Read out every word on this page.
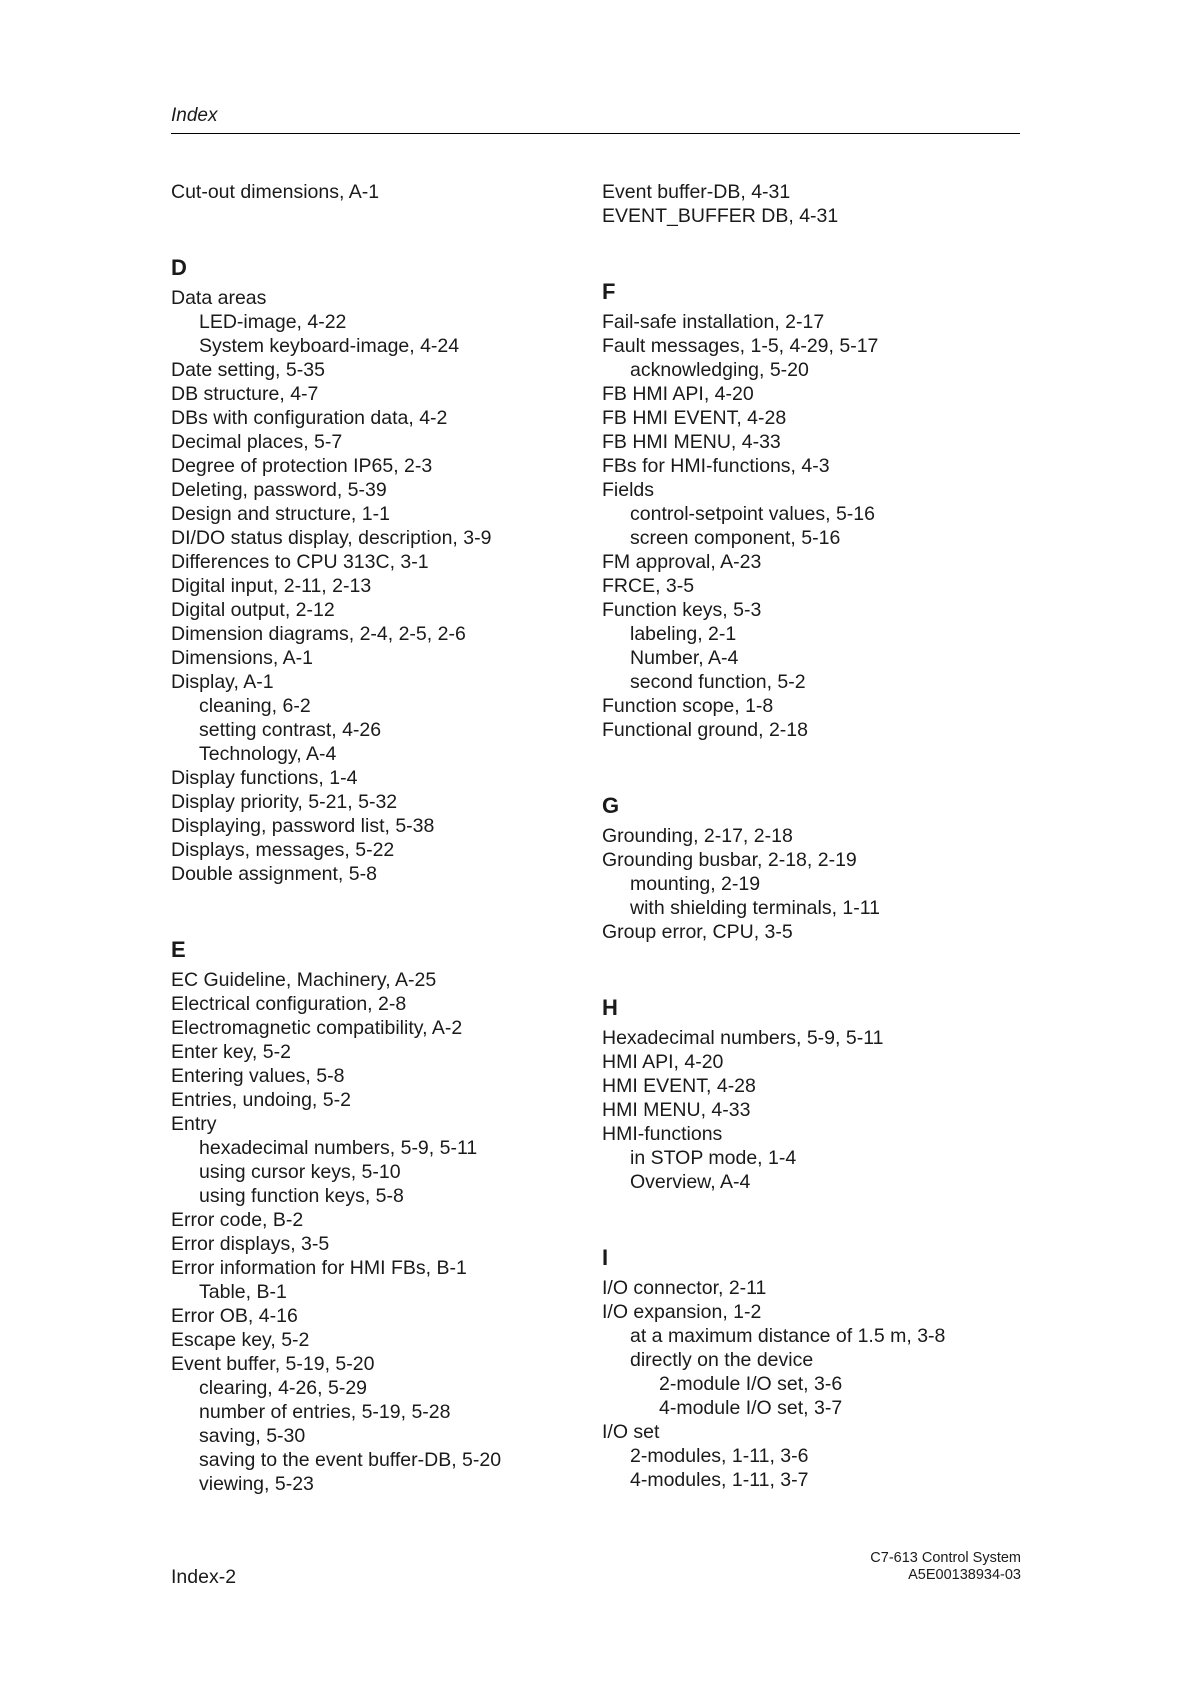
Index
Cut-out dimensions, A-1
D
Data areas
LED-image, 4-22
System keyboard-image, 4-24
Date setting, 5-35
DB structure, 4-7
DBs with configuration data, 4-2
Decimal places, 5-7
Degree of protection IP65, 2-3
Deleting, password, 5-39
Design and structure, 1-1
DI/DO status display, description, 3-9
Differences to CPU 313C, 3-1
Digital input, 2-11, 2-13
Digital output, 2-12
Dimension diagrams, 2-4, 2-5, 2-6
Dimensions, A-1
Display, A-1
cleaning, 6-2
setting contrast, 4-26
Technology, A-4
Display functions, 1-4
Display priority, 5-21, 5-32
Displaying, password list, 5-38
Displays, messages, 5-22
Double assignment, 5-8
E
EC Guideline, Machinery, A-25
Electrical configuration, 2-8
Electromagnetic compatibility, A-2
Enter key, 5-2
Entering values, 5-8
Entries, undoing, 5-2
Entry
hexadecimal numbers, 5-9, 5-11
using cursor keys, 5-10
using function keys, 5-8
Error code, B-2
Error displays, 3-5
Error information for HMI FBs, B-1
Table, B-1
Error OB, 4-16
Escape key, 5-2
Event buffer, 5-19, 5-20
clearing, 4-26, 5-29
number of entries, 5-19, 5-28
saving, 5-30
saving to the event buffer-DB, 5-20
viewing, 5-23
Event buffer-DB, 4-31
EVENT_BUFFER DB, 4-31
F
Fail-safe installation, 2-17
Fault messages, 1-5, 4-29, 5-17
acknowledging, 5-20
FB HMI API, 4-20
FB HMI EVENT, 4-28
FB HMI MENU, 4-33
FBs for HMI-functions, 4-3
Fields
control-setpoint values, 5-16
screen component, 5-16
FM approval, A-23
FRCE, 3-5
Function keys, 5-3
labeling, 2-1
Number, A-4
second function, 5-2
Function scope, 1-8
Functional ground, 2-18
G
Grounding, 2-17, 2-18
Grounding busbar, 2-18, 2-19
mounting, 2-19
with shielding terminals, 1-11
Group error, CPU, 3-5
H
Hexadecimal numbers, 5-9, 5-11
HMI API, 4-20
HMI EVENT, 4-28
HMI MENU, 4-33
HMI-functions
in STOP mode, 1-4
Overview, A-4
I
I/O connector, 2-11
I/O expansion, 1-2
at a maximum distance of 1.5 m, 3-8
directly on the device
2-module I/O set, 3-6
4-module I/O set, 3-7
I/O set
2-modules, 1-11, 3-6
4-modules, 1-11, 3-7
Index-2
C7-613 Control System
A5E00138934-03
